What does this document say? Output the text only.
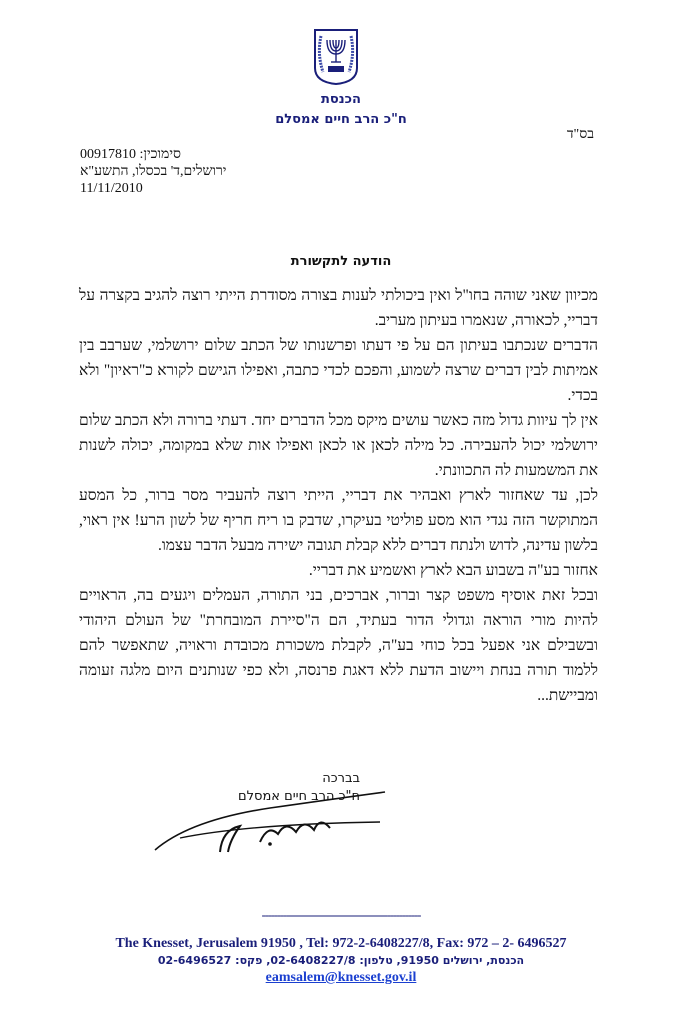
הכנסת
ח"כ הרב חיים אמסלם
בס"ד
סימוכין: 00917810
ירושלים,ד' בכסלו, התשע"א
11/11/2010
הודעה לתקשורת

מכיוון שאני שוהה בחו"ל ואין ביכולתי לענות בצורה מסודרת הייתי רוצה להגיב בקצרה על דבריי, לכאורה, שנאמרו בעיתון מעריב.

הדברים שנכתבו בעיתון הם על פי דעתו ופרשנותו של הכתב שלום ירושלמי, שערבב בין אמיתות לבין דברים שרצה לשמוע, והפכם לכדי כתבה, ואפילו הגישם לקורא כ"ראיון" ולא בכדי.

אין לך עיוות גדול מזה כאשר עושים מיקס מכל הדברים יחד. דעתי ברורה ולא הכתב שלום ירושלמי יכול להעבירה. כל מילה לכאן או לכאן ואפילו אות שלא במקומה, יכולה לשנות את המשמעות לה התכוונתי.

לכן, עד שאחזור לארץ ואבהיר את דבריי, הייתי רוצה להעביר מסר ברור, כל המסע המתוקשר הזה נגדי הוא מסע פוליטי בעיקרו, שדבק בו ריח חריף של לשון הרע! אין ראוי, בלשון עדינה, לדוש ולנתח דברים ללא קבלת תגובה ישירה מבעל הדבר עצמו.

אחזור בע"ה בשבוע הבא לארץ ואשמיע את דבריי.

ובכל זאת אוסיף משפט קצר וברור, אברכים, בני התורה, העמלים ויגעים בה, הראויים להיות מורי הוראה וגדולי הדור בעתיד, הם ה"סיירת המובחרת" של העולם היהודי ובשבילם אני אפעל בכל כוחי בע"ה, לקבלת משכורת מכובדת וראויה, שתאפשר להם ללמוד תורה בנחת ויישוב הדעת ללא דאגת פרנסה, ולא כפי שנותנים היום מלגה זעומה ומביישת...

בברכה
ח"כ הרב חיים אמסלם
-----------------------------------------------------
The Knesset, Jerusalem 91950 , Tel: 972-2-6408227/8, Fax: 972 – 2- 6496527
הכנסת, ירושלים 91950, טלפון: 02-6408227/8, פקס: 02-6496527
eamsalem@knesset.gov.il
